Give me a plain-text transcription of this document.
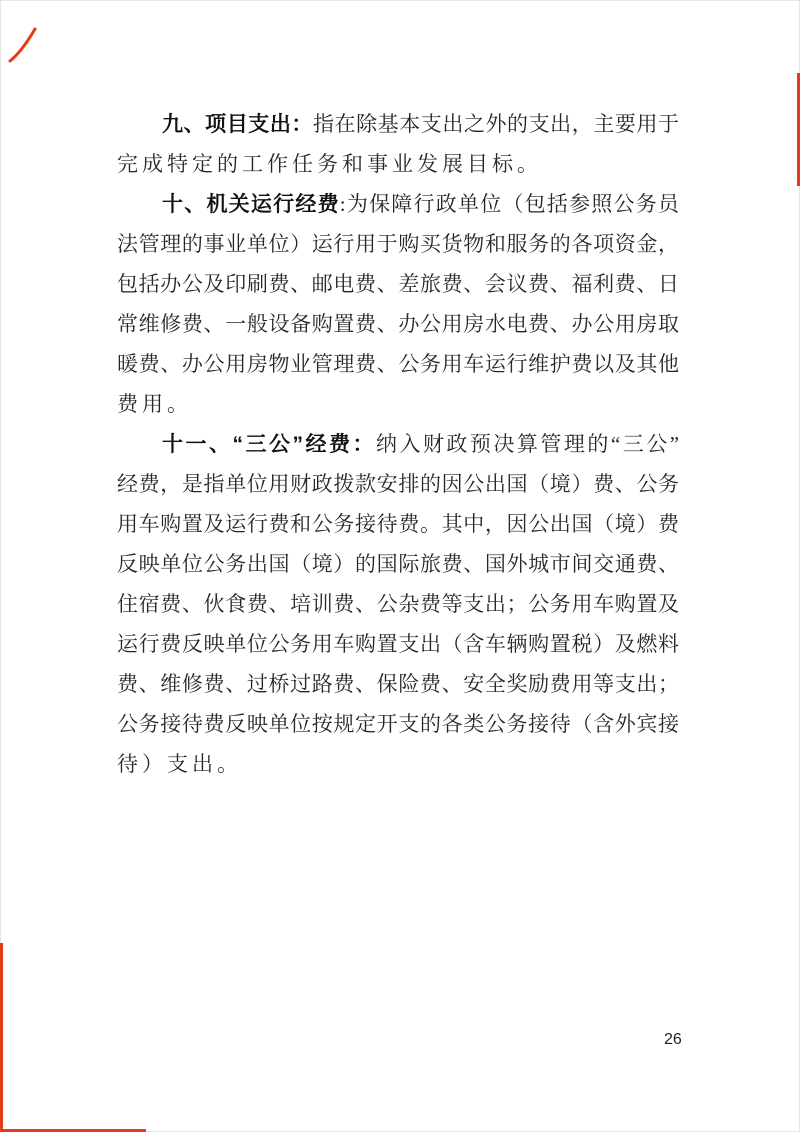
九、项目支出：指在除基本支出之外的支出，主要用于
完成特定的工作任务和事业发展目标。
十、机关运行经费:为保障行政单位（包括参照公务员
法管理的事业单位）运行用于购买货物和服务的各项资金，
包括办公及印刷费、邮电费、差旅费、会议费、福利费、日
常维修费、一般设备购置费、办公用房水电费、办公用房取
暖费、办公用房物业管理费、公务用车运行维护费以及其他
费用。
十一、“三公”经费：纳入财政预决算管理的“三公”
经费，是指单位用财政拨款安排的因公出国（境）费、公务
用车购置及运行费和公务接待费。其中，因公出国（境）费
反映单位公务出国（境）的国际旅费、国外城市间交通费、
住宿费、伙食费、培训费、公杂费等支出；公务用车购置及
运行费反映单位公务用车购置支出（含车辆购置税）及燃料
费、维修费、过桥过路费、保险费、安全奖励费用等支出；
公务接待费反映单位按规定开支的各类公务接待（含外宾接
待）支出。
26
